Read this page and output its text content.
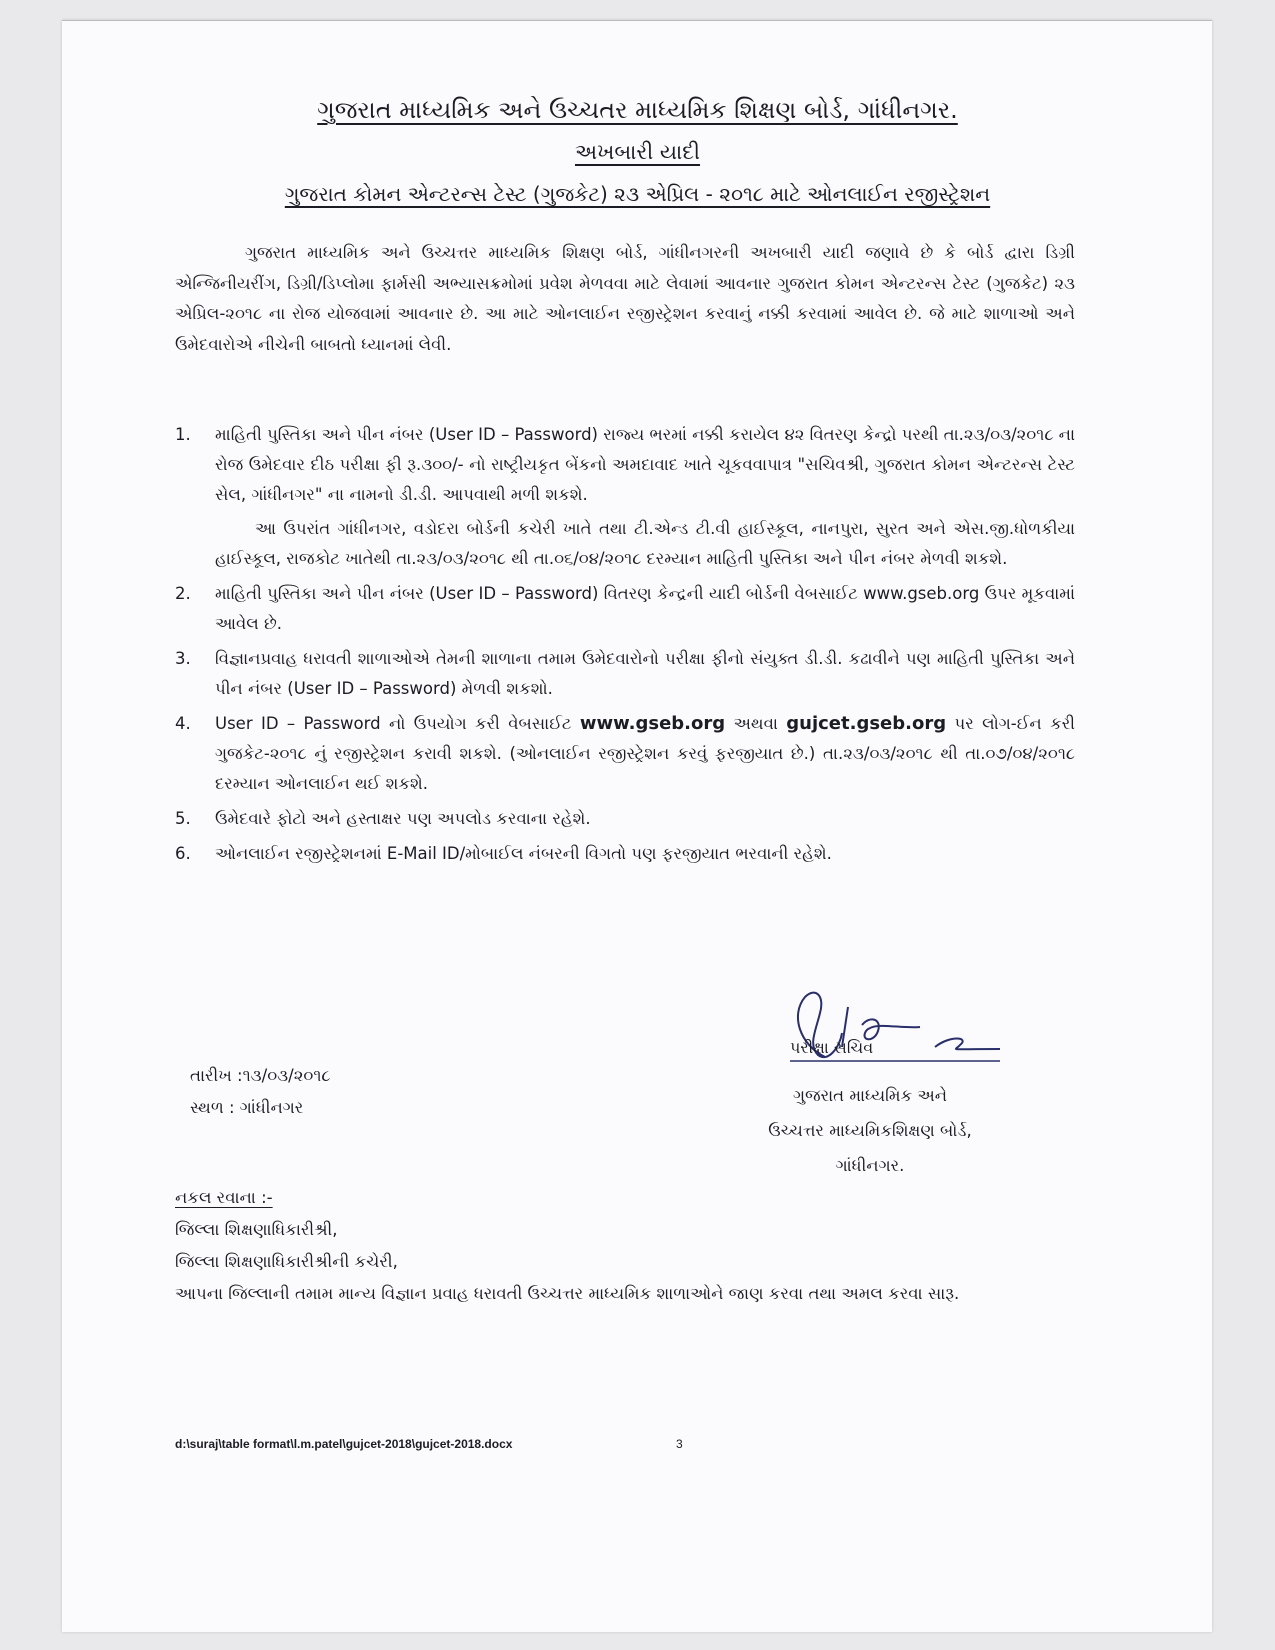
ગુજરાત માધ્યમિક અને ઉચ્ચતર માધ્યમિક શિક્ષણ બોર્ડ, ગાંધીનગર.
અખબારી યાદી
ગુજરાત કોમન એન્ટરન્સ ટેસ્ટ (ગુજકેટ) ૨૩ એપ્રિલ - ૨૦૧૮ માટે ઓનલાઈન રજીસ્ટ્રેશન
ગુજરાત માધ્યમિક અને ઉચ્ચત્તર માધ્યમિક શિક્ષણ બોર્ડ, ગાંધીનગરની અખબારી યાદી જણાવે છે કે બોર્ડ દ્વારા ડિગ્રી એન્જિનીયરીંગ, ડિગ્રી/ડિપ્લોમા ફાર્મસી અભ્યાસક્રમોમાં પ્રવેશ મેળવવા માટે લેવામાં આવનાર ગુજરાત કોમન એન્ટરન્સ ટેસ્ટ (ગુજકેટ) ૨૩ એપ્રિલ-૨૦૧૮ ના રોજ યોજવામાં આવનાર છે. આ માટે ઓનલાઈન રજીસ્ટ્રેશન કરવાનું નક્કી કરવામાં આવેલ છે. જે માટે શાળાઓ અને ઉમેદવારોએ નીચેની બાબતો ધ્યાનમાં લેવી.
1.	માહિતી પુસ્તિકા અને પીન નંબર (User ID – Password) રાજ્ય ભરમાં નક્કી કરાયેલ ૪૨ વિતરણ કેન્દ્રો પરથી તા.૨૩/૦૩/૨૦૧૮ ના રોજ ઉમેદવાર દીઠ પરીક્ષા ફી રૂ.૩૦૦/- નો રાષ્ટ્રીયકૃત બેંકનો અમદાવાદ ખાતે ચૂકવવાપાત્ર "સચિવશ્રી, ગુજરાત કોમન એન્ટરન્સ ટેસ્ટ સેલ, ગાંધીનગર" ના નામનો ડી.ડી. આપવાથી મળી શકશે.
આ ઉપરાંત ગાંધીનગર, વડોદરા બોર્ડની કચેરી ખાતે તથા ટી.એન્ડ ટી.વી હાઈસ્કૂલ, નાનપુરા, સુરત અને એસ.જી.ધોળકીયા હાઈસ્કૂલ, રાજકોટ ખાતેથી તા.૨૩/૦૩/૨૦૧૮ થી તા.૦૬/૦૪/૨૦૧૮ દરમ્યાન માહિતી પુસ્તિકા અને પીન નંબર મેળવી શકશે.
2.	માહિતી પુસ્તિકા અને પીન નંબર (User ID – Password) વિતરણ કેન્દ્રની યાદી બોર્ડની વેબસાઈટ www.gseb.org ઉપર મૂકવામાં આવેલ છે.
3.	વિજ્ઞાનપ્રવાહ ધરાવતી શાળાઓએ તેમની શાળાના તમામ ઉમેદવારોનો પરીક્ષા ફીનો સંયુક્ત ડી.ડી. કઢાવીને પણ માહિતી પુસ્તિકા અને પીન નંબર (User ID – Password) મેળવી શકશો.
4.	User ID – Password નો ઉપયોગ કરી વેબસાઈટ www.gseb.org અથવા gujcet.gseb.org પર લોગ-ઈન કરી ગુજકેટ-૨૦૧૮ નું રજીસ્ટ્રેશન કરાવી શકશે. (ઓનલાઈન રજીસ્ટ્રેશન કરવું ફરજીયાત છે.) તા.૨૩/૦૩/૨૦૧૮ થી તા.૦૭/૦૪/૨૦૧૮ દરમ્યાન ઓનલાઈન થઈ શકશે.
5.	ઉમેદવારે ફોટો અને હસ્તાક્ષર પણ અપલોડ કરવાના રહેશે.
6.	ઓનલાઈન રજીસ્ટ્રેશનમાં E-Mail ID/મોબાઈલ નંબરની વિગતો પણ ફરજીયાત ભરવાની રહેશે.
પરીક્ષા સચિવ
ગુજરાત માધ્યમિક અને
ઉચ્ચત્તર માધ્યમિકશિક્ષણ બોર્ડ,
ગાંધીનગર.
તારીખ :૧૩/૦૩/૨૦૧૮
સ્થળ : ગાંધીનગર
નકલ રવાના :-
જિલ્લા શિક્ષણાધિકારીશ્રી,
જિલ્લા શિક્ષણાધિકારીશ્રીની કચેરી,
આપના જિલ્લાની તમામ માન્ય વિજ્ઞાન પ્રવાહ ધરાવતી ઉચ્ચત્તર માધ્યમિક શાળાઓને જાણ કરવા તથા અમલ કરવા સારૂ.
d:\suraj\table format\l.m.patel\gujcet-2018\gujcet-2018.docx	3
